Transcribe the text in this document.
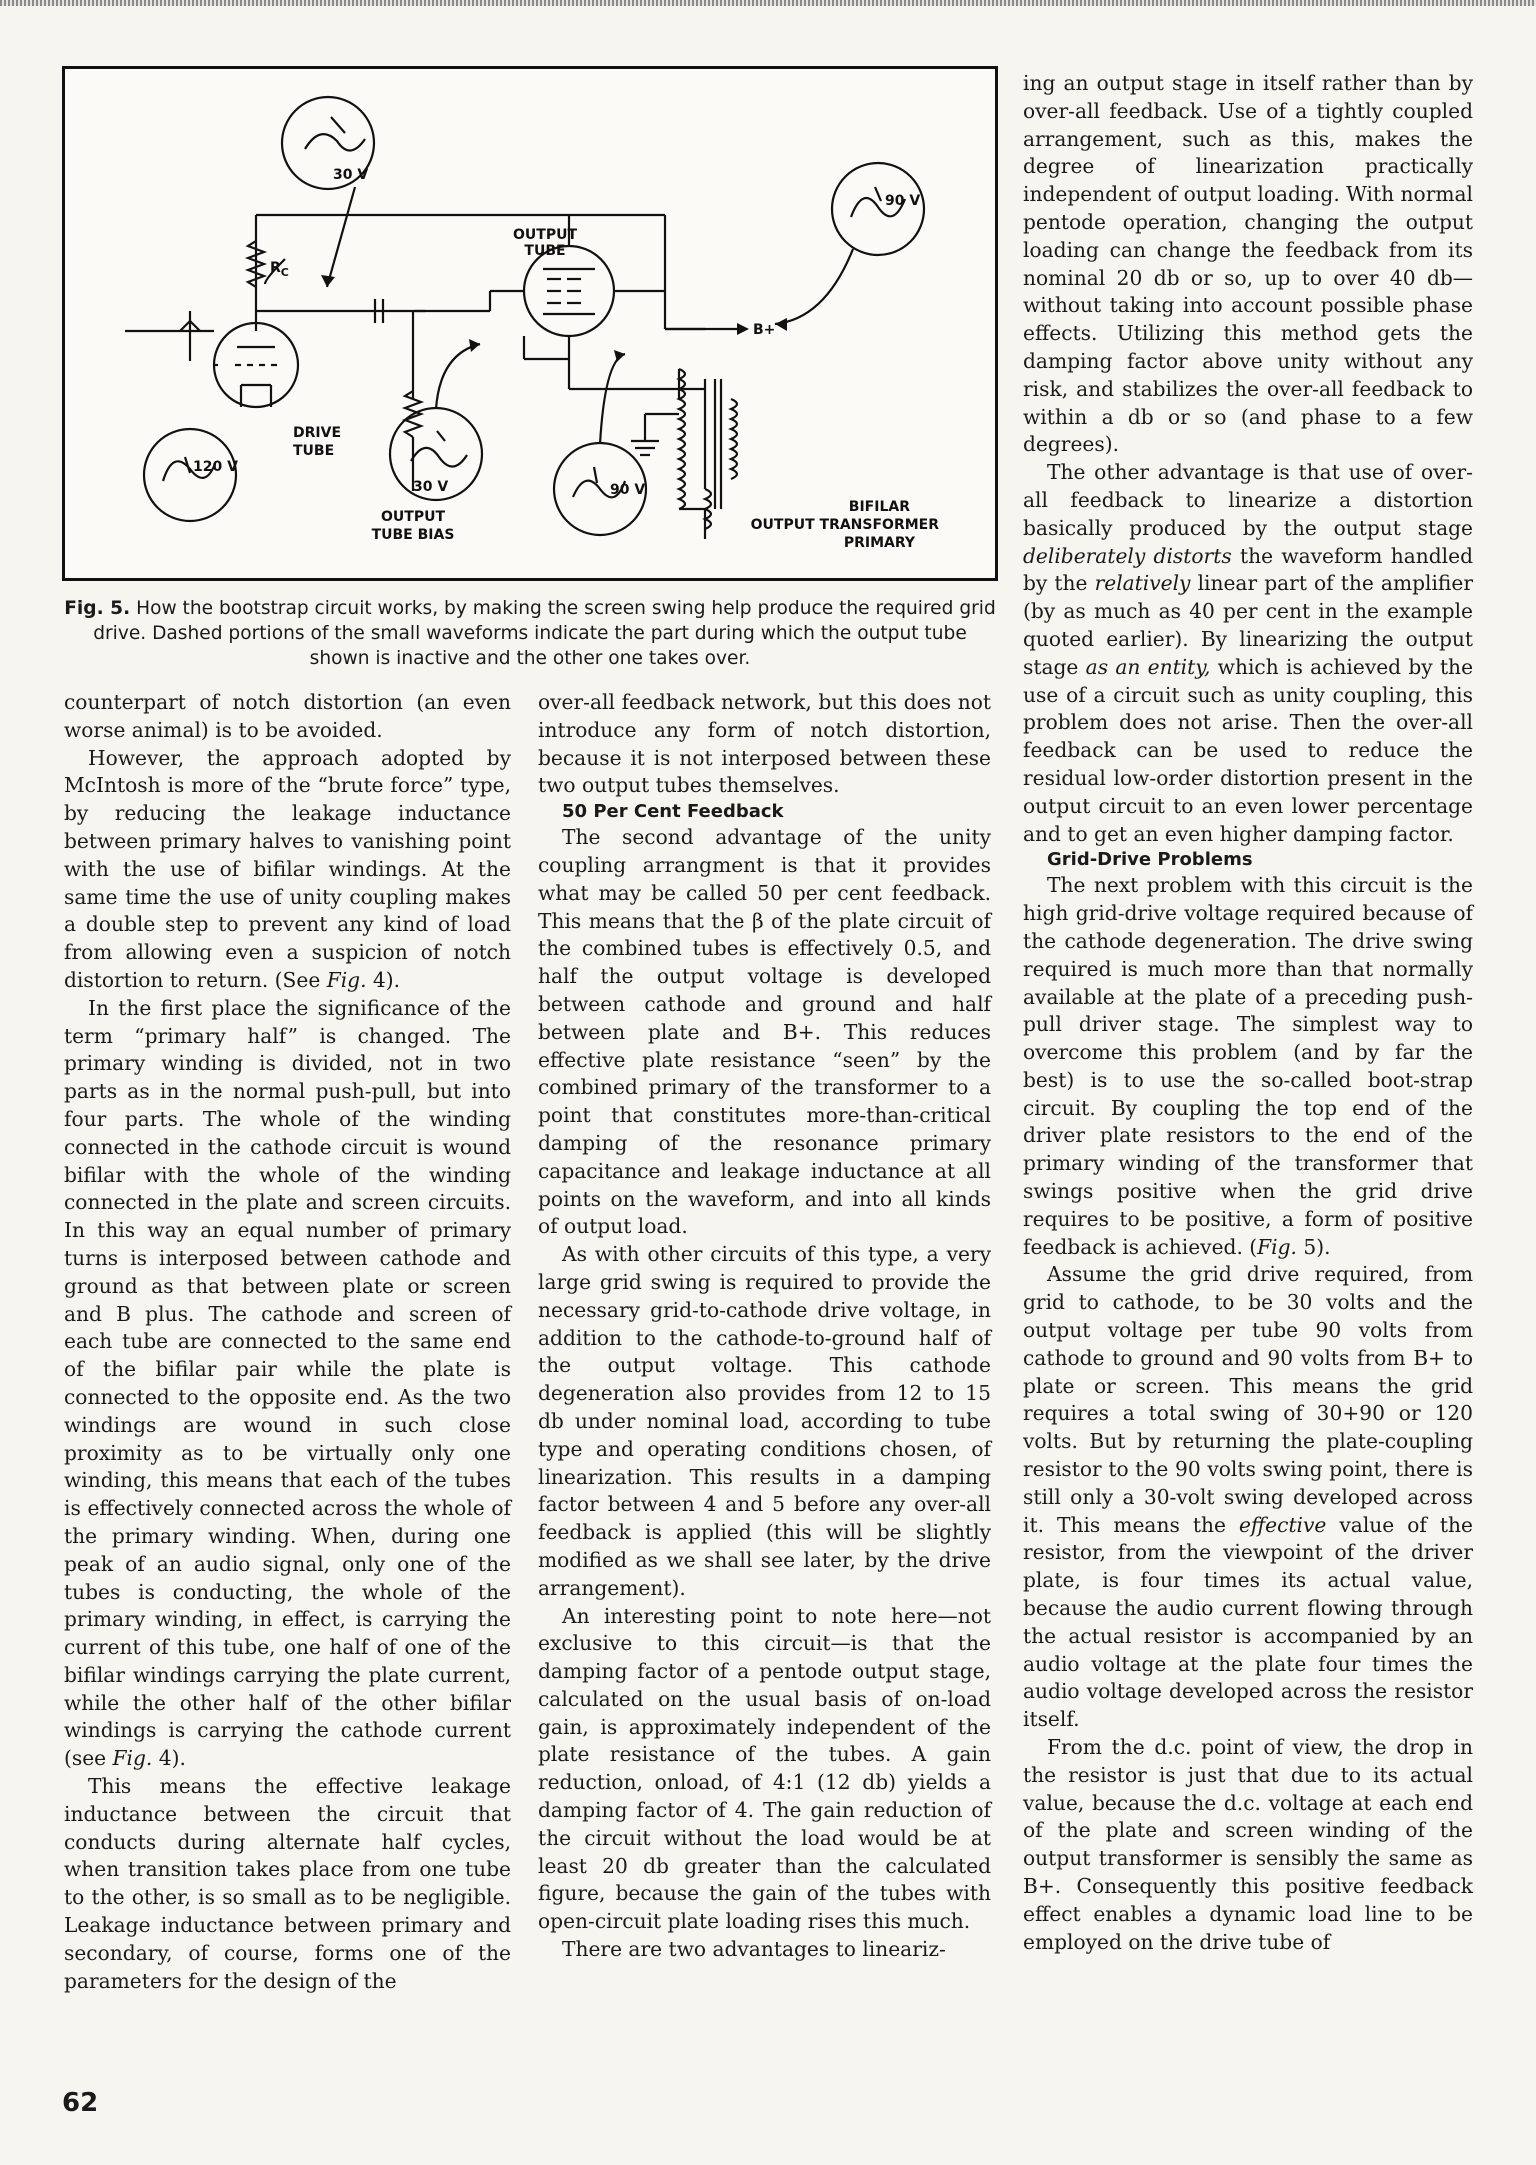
30 V
$R_C$
OUTPUT
TUBE
90 V
B+
DRIVE
TUBE
120 V
OUTPUT
TUBE BIAS
30 V	90 V
BIFILAR
OUTPUT TRANSFORMER
PRIMARY
Fig. 5. How the bootstrap circuit works, by making the screen swing help produce the required grid drive. Dashed portions of the small waveforms indicate the part during which the output tube shown is inactive and the other one takes over.

counterpart of notch distortion (an even worse animal) is to be avoided.

However, the approach adopted by McIntosh is more of the “brute force” type, by reducing the leakage inductance between primary halves to vanishing point with the use of bifilar windings. At the same time the use of unity coupling makes a double step to prevent any kind of load from allowing even a suspicion of notch distortion to return. (See Fig. 4).

In the first place the significance of the term “primary half” is changed. The primary winding is divided, not in two parts as in the normal push-pull, but into four parts. The whole of the winding connected in the cathode circuit is wound bifilar with the whole of the winding connected in the plate and screen circuits. In this way an equal number of primary turns is interposed between cathode and ground as that between plate or screen and B plus. The cathode and screen of each tube are connected to the same end of the bifilar pair while the plate is connected to the opposite end. As the two windings are wound in such close proximity as to be virtually only one winding, this means that each of the tubes is effectively connected across the whole of the primary winding. When, during one peak of an audio signal, only one of the tubes is conducting, the whole of the primary winding, in effect, is carrying the current of this tube, one half of one of the bifilar windings carrying the plate current, while the other half of the other bifilar windings is carrying the cathode current (see Fig. 4).

This means the effective leakage inductance between the circuit that conducts during alternate half cycles, when transition takes place from one tube to the other, is so small as to be negligible. Leakage inductance between primary and secondary, of course, forms one of the parameters for the design of the

over-all feedback network, but this does not introduce any form of notch distortion, because it is not interposed between these two output tubes themselves.

50 Per Cent Feedback

The second advantage of the unity coupling arrangment is that it provides what may be called 50 per cent feedback. This means that the β of the plate circuit of the combined tubes is effectively 0.5, and half the output voltage is developed between cathode and ground and half between plate and B+. This reduces effective plate resistance “seen” by the combined primary of the transformer to a point that constitutes more-than-critical damping of the resonance primary capacitance and leakage inductance at all points on the waveform, and into all kinds of output load.

As with other circuits of this type, a very large grid swing is required to provide the necessary grid-to-cathode drive voltage, in addition to the cathode-to-ground half of the output voltage. This cathode degeneration also provides from 12 to 15 db under nominal load, according to tube type and operating conditions chosen, of linearization. This results in a damping factor between 4 and 5 before any over-all feedback is applied (this will be slightly modified as we shall see later, by the drive arrangement).

An interesting point to note here—not exclusive to this circuit—is that the damping factor of a pentode output stage, calculated on the usual basis of on-load gain, is approximately independent of the plate resistance of the tubes. A gain reduction, onload, of 4:1 (12 db) yields a damping factor of 4. The gain reduction of the circuit without the load would be at least 20 db greater than the calculated figure, because the gain of the tubes with open-circuit plate loading rises this much.

There are two advantages to lineariz-

ing an output stage in itself rather than by over-all feedback. Use of a tightly coupled arrangement, such as this, makes the degree of linearization practically independent of output loading. With normal pentode operation, changing the output loading can change the feedback from its nominal 20 db or so, up to over 40 db—without taking into account possible phase effects. Utilizing this method gets the damping factor above unity without any risk, and stabilizes the over-all feedback to within a db or so (and phase to a few degrees).

The other advantage is that use of over-all feedback to linearize a distortion basically produced by the output stage deliberately distorts the waveform handled by the relatively linear part of the amplifier (by as much as 40 per cent in the example quoted earlier). By linearizing the output stage as an entity, which is achieved by the use of a circuit such as unity coupling, this problem does not arise. Then the over-all feedback can be used to reduce the residual low-order distortion present in the output circuit to an even lower percentage and to get an even higher damping factor.

Grid-Drive Problems

The next problem with this circuit is the high grid-drive voltage required because of the cathode degeneration. The drive swing required is much more than that normally available at the plate of a preceding push-pull driver stage. The simplest way to overcome this problem (and by far the best) is to use the so-called boot-strap circuit. By coupling the top end of the driver plate resistors to the end of the primary winding of the transformer that swings positive when the grid drive requires to be positive, a form of positive feedback is achieved. (Fig. 5).

Assume the grid drive required, from grid to cathode, to be 30 volts and the output voltage per tube 90 volts from cathode to ground and 90 volts from B+ to plate or screen. This means the grid requires a total swing of 30+90 or 120 volts. But by returning the plate-coupling resistor to the 90 volts swing point, there is still only a 30-volt swing developed across it. This means the effective value of the resistor, from the viewpoint of the driver plate, is four times its actual value, because the audio current flowing through the actual resistor is accompanied by an audio voltage at the plate four times the audio voltage developed across the resistor itself.

From the d.c. point of view, the drop in the resistor is just that due to its actual value, because the d.c. voltage at each end of the plate and screen winding of the output transformer is sensibly the same as B+. Consequently this positive feedback effect enables a dynamic load line to be employed on the drive tube of

62
